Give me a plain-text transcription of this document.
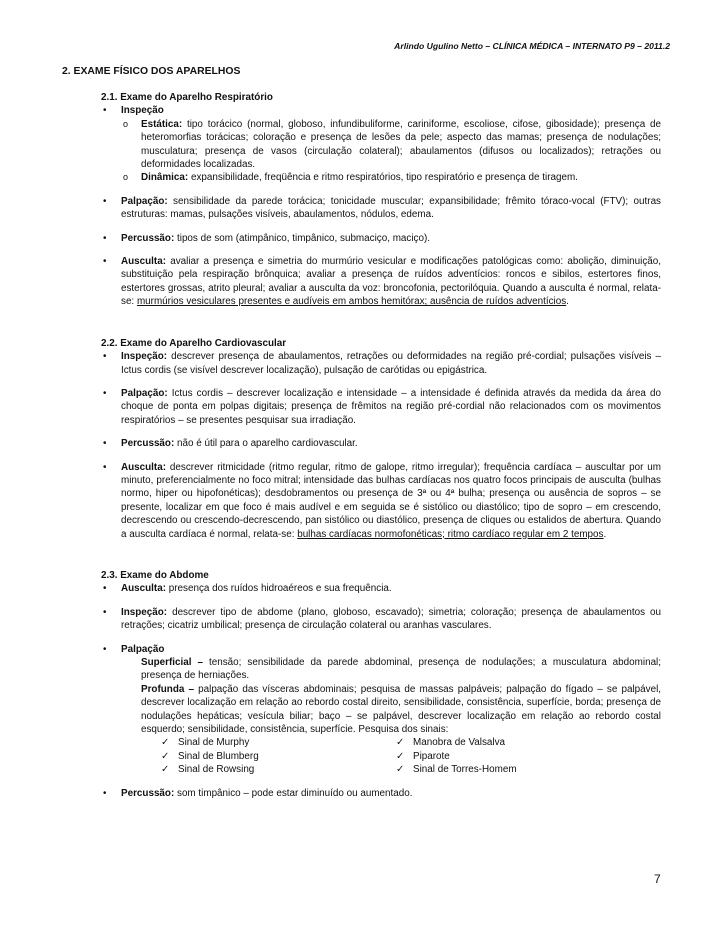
Arlindo Ugulino Netto – CLÍNICA MÉDICA – INTERNATO P9 – 2011.2
2. EXAME FÍSICO DOS APARELHOS

2.1. Exame do Aparelho Respiratório

• Inspeção
o Estática: tipo torácico (normal, globoso, infundibuliforme, cariniforme, escoliose, cifose, gibosidade); presença de heteromorfias torácicas; coloração e presença de lesões da pele; aspecto das mamas; presença de nodulações; musculatura; presença de vasos (circulação colateral); abaulamentos (difusos ou localizados); retrações ou deformidades localizadas.
o Dinâmica: expansibilidade, freqüência e ritmo respiratórios, tipo respiratório e presença de tiragem.
• Palpação: sensibilidade da parede torácica; tonicidade muscular; expansibilidade; frêmito tóraco-vocal (FTV); outras estruturas: mamas, pulsações visíveis, abaulamentos, nódulos, edema.
• Percussão: tipos de som (atimpânico, timpânico, submaciço, maciço).
• Ausculta: avaliar a presença e simetria do murmúrio vesicular e modificações patológicas como: abolição, diminuição, substituição pela respiração brônquica; avaliar a presença de ruídos adventícios: roncos e sibilos, estertores finos, estertores grossas, atrito pleural; avaliar a ausculta da voz: broncofonia, pectorilóquia. Quando a ausculta é normal, relata-se: murmúrios vesiculares presentes e audíveis em ambos hemitórax; ausência de ruídos adventícios.

2.2. Exame do Aparelho Cardiovascular

• Inspeção: descrever presença de abaulamentos, retrações ou deformidades na região pré-cordial; pulsações visíveis – Ictus cordis (se visível descrever localização), pulsação de carótidas ou epigástrica.
• Palpação: Ictus cordis – descrever localização e intensidade – a intensidade é definida através da medida da área do choque de ponta em polpas digitais; presença de frêmitos na região pré-cordial não relacionados com os movimentos respiratórios – se presentes pesquisar sua irradiação.
• Percussão: não é útil para o aparelho cardiovascular.
• Ausculta: descrever ritmicidade (ritmo regular, ritmo de galope, ritmo irregular); frequência cardíaca – auscultar por um minuto, preferencialmente no foco mitral; intensidade das bulhas cardíacas nos quatro focos principais de ausculta (bulhas normo, hiper ou hipofonéticas); desdobramentos ou presença de 3ª ou 4ª bulha; presença ou ausência de sopros – se presente, localizar em que foco é mais audível e em seguida se é sistólico ou diastólico; tipo de sopro – em crescendo, decrescendo ou crescendo-decrescendo, pan sistólico ou diastólico, presença de cliques ou estalidos de abertura. Quando a ausculta cardíaca é normal, relata-se: bulhas cardíacas normofonéticas; ritmo cardíaco regular em 2 tempos.

2.3. Exame do Abdome

• Ausculta: presença dos ruídos hidroaéreos e sua frequência.
• Inspeção: descrever tipo de abdome (plano, globoso, escavado); simetria; coloração; presença de abaulamentos ou retrações; cicatriz umbilical; presença de circulação colateral ou aranhas vasculares.
• Palpação
Superficial – tensão; sensibilidade da parede abdominal, presença de nodulações; a musculatura abdominal; presença de herniações.
Profunda – palpação das vísceras abdominais; pesquisa de massas palpáveis; palpação do fígado – se palpável, descrever localização em relação ao rebordo costal direito, sensibilidade, consistência, superfície, borda; presença de nodulações hepáticas; vesícula biliar; baço – se palpável, descrever localização em relação ao rebordo costal esquerdo; sensibilidade, consistência, superfície. Pesquisa dos sinais:
✓ Sinal de Murphy
✓ Sinal de Blumberg
✓ Sinal de Rowsing
✓ Manobra de Valsalva
✓ Piparote
✓ Sinal de Torres-Homem
• Percussão: som timpânico – pode estar diminuído ou aumentado.
7
